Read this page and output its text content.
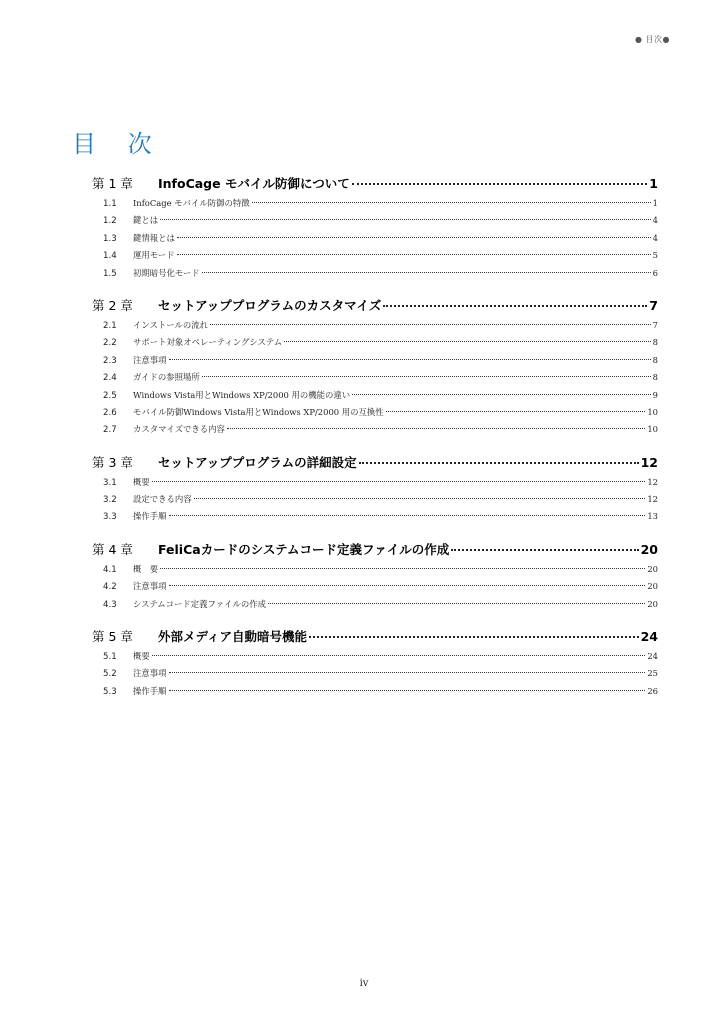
● 目次●
目 次
第 1 章	InfoCage モバイル防御について	1
1.1	InfoCage モバイル防御の特徴	1
1.2	鍵とは	4
1.3	鍵情報とは	4
1.4	運用モード	5
1.5	初期暗号化モード	6
第 2 章	セットアッププログラムのカスタマイズ	7
2.1	インストールの流れ	7
2.2	サポート対象オペレーティングシステム	8
2.3	注意事項	8
2.4	ガイドの参照場所	8
2.5	Windows Vista用とWindows XP/2000 用の機能の違い	9
2.6	モバイル防御Windows Vista用とWindows XP/2000 用の互換性	10
2.7	カスタマイズできる内容	10
第 3 章	セットアッププログラムの詳細設定	12
3.1	概要	12
3.2	設定できる内容	12
3.3	操作手順	13
第 4 章	FeliCaカードのシステムコード定義ファイルの作成	20
4.1	概　要	20
4.2	注意事項	20
4.3	システムコード定義ファイルの作成	20
第 5 章	外部メディア自動暗号機能	24
5.1	概要	24
5.2	注意事項	25
5.3	操作手順	26
iv
